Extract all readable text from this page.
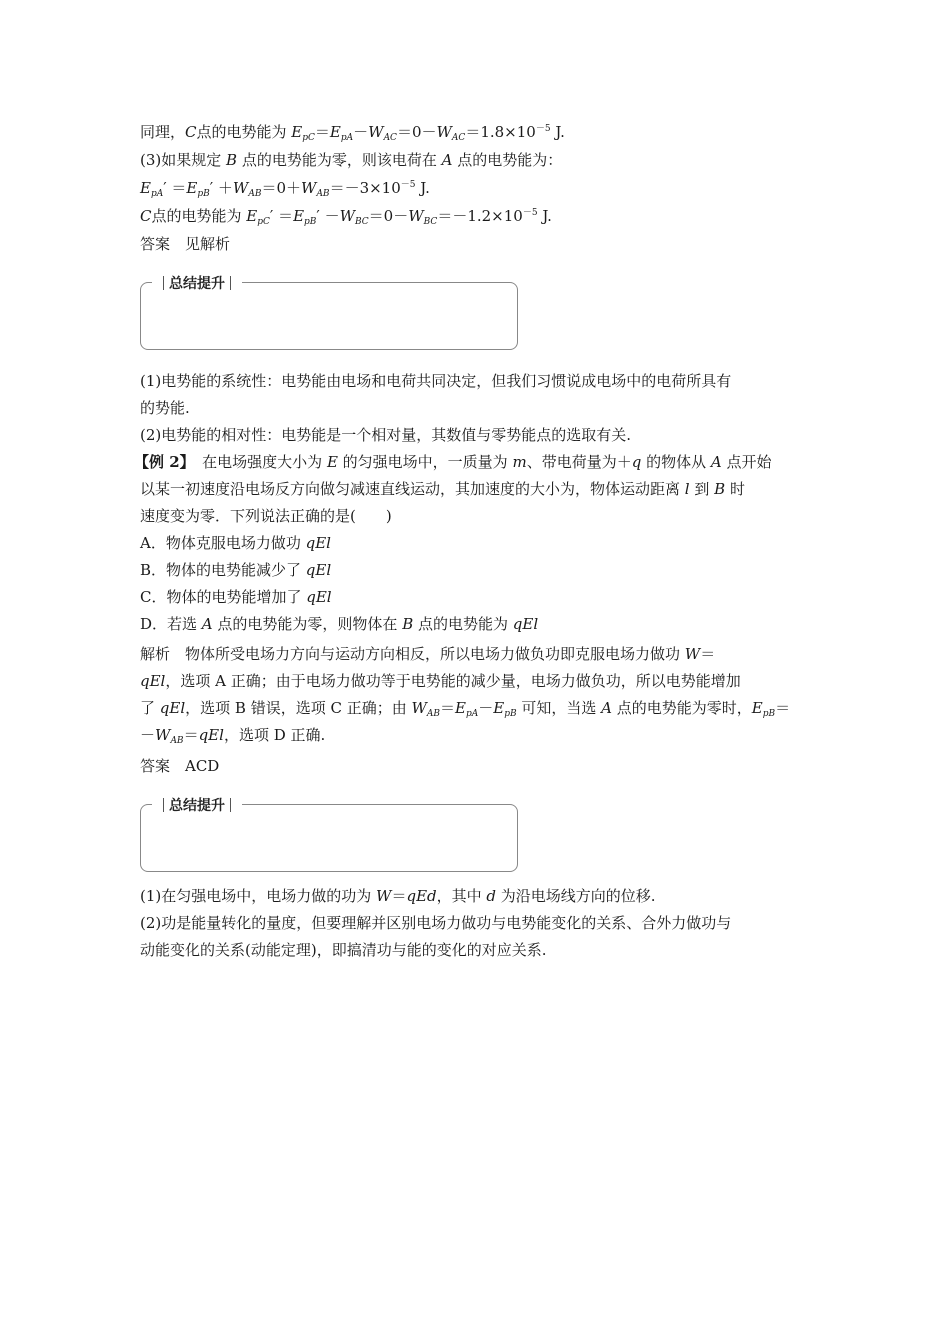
同理，C点的电势能为 $E_{pC}=E_{pA}-W_{AC}=0-W_{AC}=1.8\times 10^{-5}$ J.
(3)如果规定 B 点的电势能为零，则该电荷在 A 点的电势能为：
$E_{pA}' =E_{pB}' +W_{AB}=0+W_{AB}=-3\times 10^{-5}$ J.
C点的电势能为 $E_{pC}' =E_{pB}' -W_{BC}=0-W_{BC}=-1.2\times 10^{-5}$ J.
答案　见解析
总结提升
(1)电势能的系统性：电势能由电场和电荷共同决定，但我们习惯说成电场中的电荷所具有
的势能.
(2)电势能的相对性：电势能是一个相对量，其数值与零势能点的选取有关.
【例 2】　在电场强度大小为 E 的匀强电场中，一质量为 m、带电荷量为＋q 的物体从 A 点开始
以某一初速度沿电场反方向做匀减速直线运动，其加速度的大小为，物体运动距离 l 到 B 时
速度变为零．下列说法正确的是(　　)
A．物体克服电场力做功 qEl
B．物体的电势能减少了 qEl
C．物体的电势能增加了 qEl
D．若选 A 点的电势能为零，则物体在 B 点的电势能为 qEl
解析　物体所受电场力方向与运动方向相反，所以电场力做负功即克服电场力做功 W＝
qEl，选项 A 正确；由于电场力做功等于电势能的减少量，电场力做负功，所以电势能增加
了 qEl，选项 B 错误，选项 C 正确；由 $W_{AB}=E_{pA}-E_{pB}$ 可知，当选 A 点的电势能为零时，$E_{pB}=$
$-W_{AB}=qEl$，选项 D 正确.
答案　ACD
总结提升
(1)在匀强电场中，电场力做的功为 W＝qEd，其中 d 为沿电场线方向的位移.
(2)功是能量转化的量度，但要理解并区别电场力做功与电势能变化的关系、合外力做功与
动能变化的关系(动能定理)，即搞清功与能的变化的对应关系.
